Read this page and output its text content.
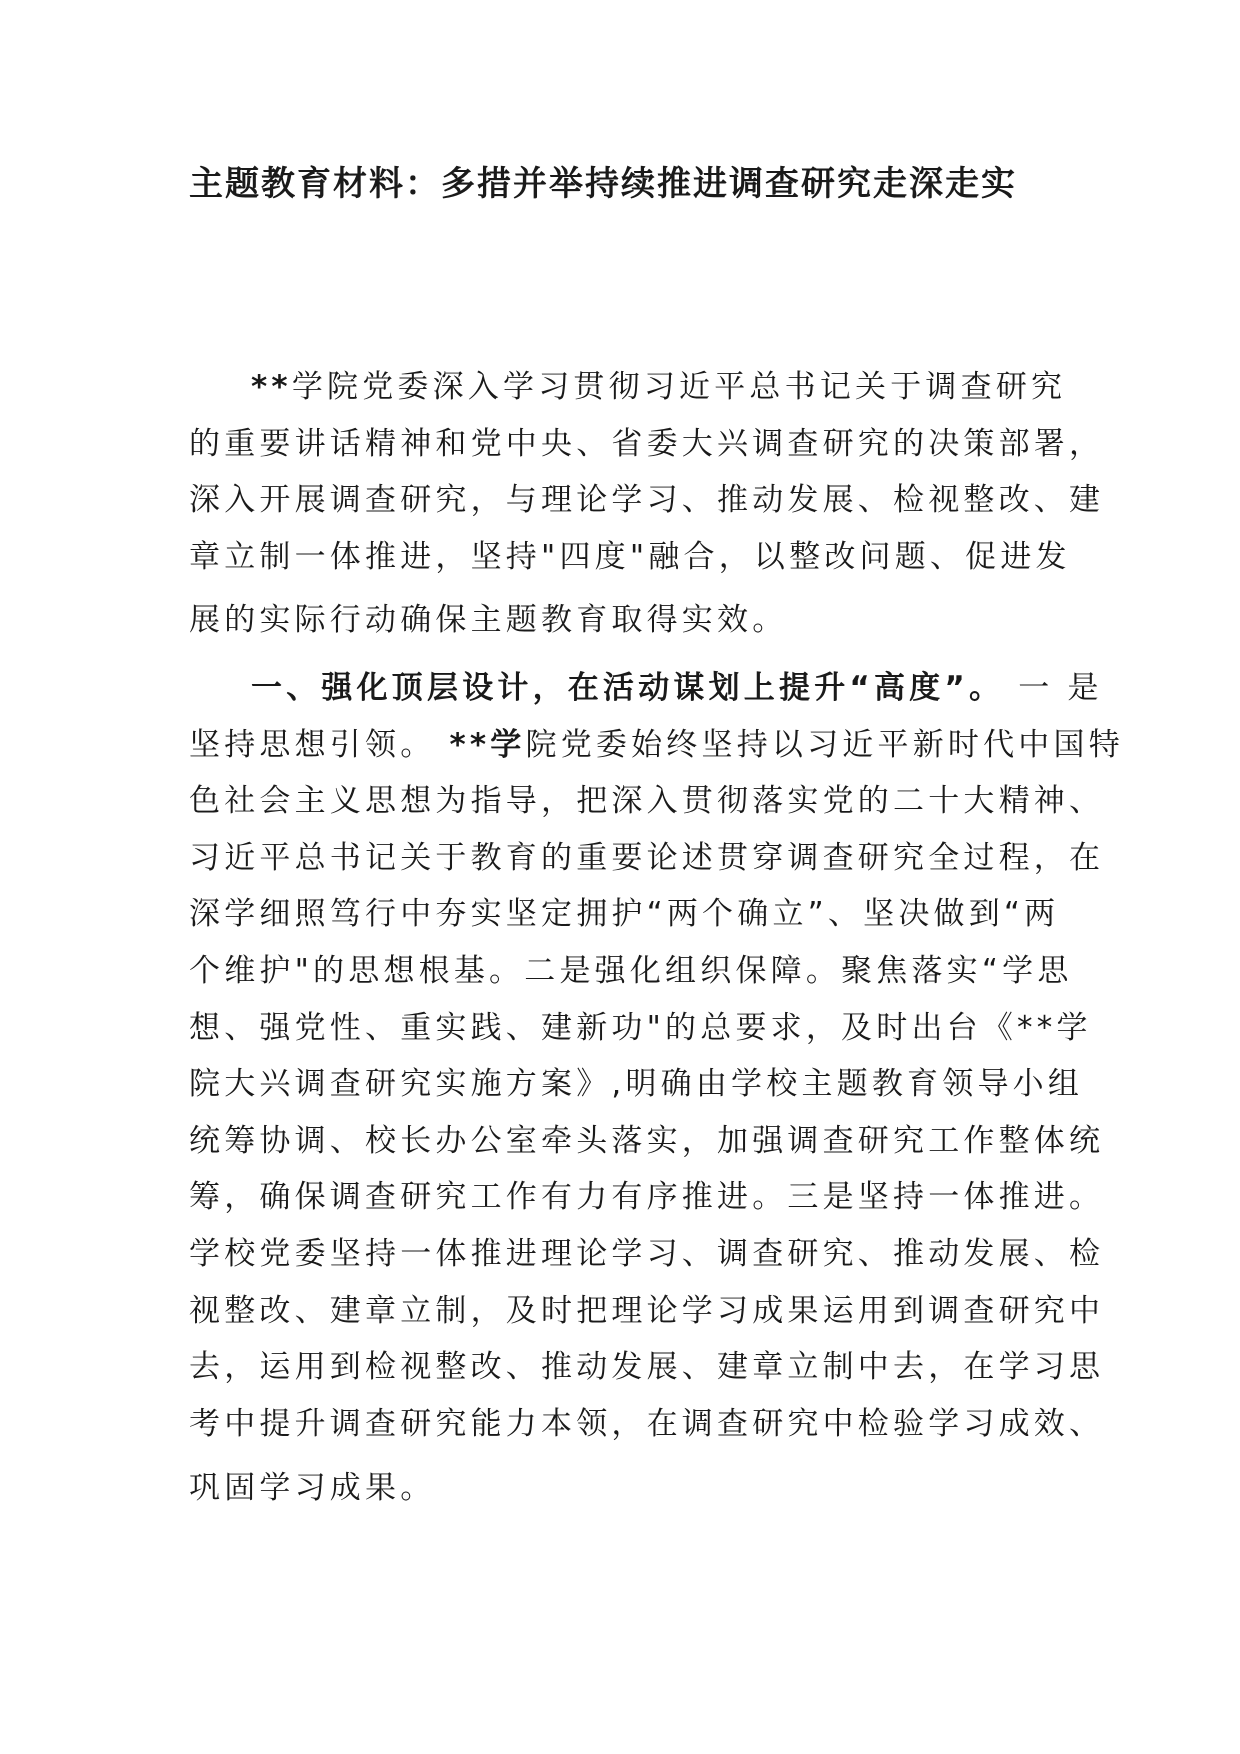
主题教育材料：多措并举持续推进调查研究走深走实
**学院党委深入学习贯彻习近平总书记关于调查研究
的重要讲话精神和党中央、省委大兴调查研究的决策部署，
深入开展调查研究，与理论学习、推动发展、检视整改、建
章立制一体推进，坚持"四度"融合，以整改问题、促进发
展的实际行动确保主题教育取得实效。
一、强化顶层设计，在活动谋划上提升“高度”。 一 是
坚持思想引领。 **学院党委始终坚持以习近平新时代中国特
色社会主义思想为指导，把深入贯彻落实党的二十大精神、
习近平总书记关于教育的重要论述贯穿调查研究全过程，在
深学细照笃行中夯实坚定拥护“两个确立”、坚决做到“两
个维护"的思想根基。二是强化组织保障。聚焦落实“学思
想、强党性、重实践、建新功"的总要求，及时出台《**学
院大兴调查研究实施方案》,明确由学校主题教育领导小组
统筹协调、校长办公室牵头落实，加强调查研究工作整体统
筹，确保调查研究工作有力有序推进。三是坚持一体推进。
学校党委坚持一体推进理论学习、调查研究、推动发展、检
视整改、建章立制，及时把理论学习成果运用到调查研究中
去，运用到检视整改、推动发展、建章立制中去，在学习思
考中提升调查研究能力本领，在调查研究中检验学习成效、
巩固学习成果。
